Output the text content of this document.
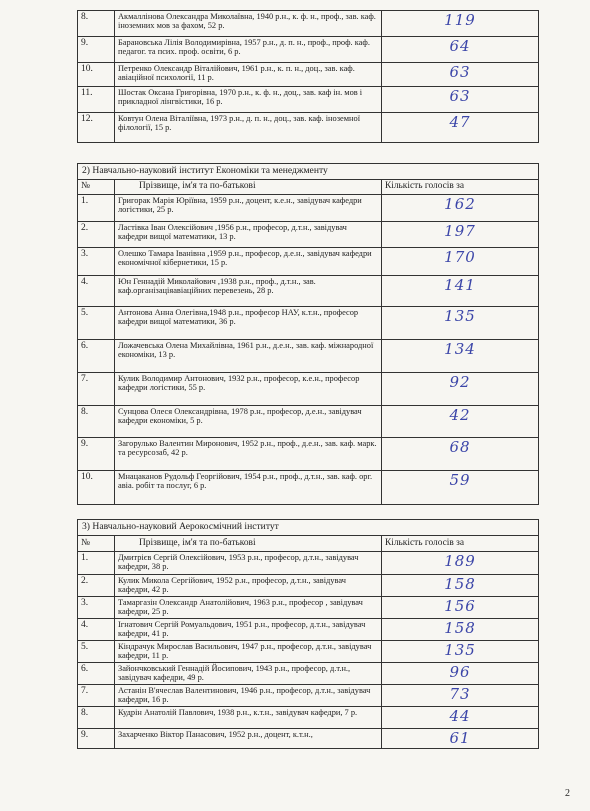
8.	Акмаллінова Олександра Миколаївна, 1940 р.н., к. ф. н., проф., зав. каф. іноземних мов за фахом, 52 р.	119
9.	Барановська Лілія Володимирівна, 1957 р.н., д. п. н., проф., проф. каф. педагог. та псих. проф. освіти, 6 р.	64
10.	Петренко Олександр Віталійович, 1961 р.н., к. п. н., доц., зав. каф. авіаційної психології, 11 р.	63
11.	Шостак Оксана Григорівна, 1970 р.н., к. ф. н., доц., зав. каф ін. мов і прикладної лінгвістики, 16 р.	63
12.	Ковтун Олена Віталіївна, 1973 р.н., д. п. н., доц., зав. каф. іноземної філології, 15 р.	47
2) Навчально-науковий інститут Економіки та менеджменту		
№	Прізвище, ім'я та по-батькові	Кількість голосів за
1.	Григорак Марія Юріївна, 1959 р.н., доцент, к.е.н., завідувач кафедри логістики, 25 р.	162
2.	Ластівка Іван Олексійович ,1956 р.н., професор, д.т.н., завідувач кафедри вищої математики, 13 р.	197
3.	Олешко Тамара Іванівна ,1959 р.н., професор, д.е.н., завідувач кафедри економічної кібернетики, 15 р.	170
4.	Юн Геннадій Миколайович ,1938 р.н., проф., д.т.н., зав. каф.організаціяавіаційних перевезень, 28 р.	141
5.	Антонова Анна Олегівна,1948 р.н., професор НАУ, к.т.н., професор кафедри вищої математики, 36 р.	135
6.	Ложачевська Олена Михайлівна, 1961 р.н., д.е.н., зав. каф. міжнародної економіки, 13 р.	134
7.	Кулик Володимир Антонович, 1932 р.н., професор, к.е.н., професор кафедри логістики, 55 р.	92
8.	Сунцова Олеся Олександрівна, 1978 р.н., професор, д.е.н., завідувач кафедри економіки, 5 р.	42
9.	Загорулько Валентин Миронович, 1952 р.н., проф., д.е.н., зав. каф. марк. та ресурсозаб, 42 р.	68
10.	Мнацаканов Рудольф Георгійович, 1954 р.н., проф., д.т.н., зав. каф. орг. авіа. робіт та послуг, 6 р.	59
3) Навчально-науковий Аерокосмічний інститут		
№	Прізвище, ім'я та по-батькові	Кількість голосів за
1.	Дмитрієв Сергій Олексійович, 1953 р.н., професор, д.т.н., завідувач кафедри, 38 р.	189
2.	Кулик Микола Сергійович, 1952 р.н., професор, д.т.н., завідувач кафедри, 42 р.	158
3.	Тамаргазін Олександр Анатолійович, 1963 р.н., професор , завідувач кафедри, 25 р.	156
4.	Ігнатович Сергій Ромуальдович, 1951 р.н., професор, д.т.н., завідувач кафедри, 41 р.	158
5.	Кіндрачук Мирослав Васильович, 1947 р.н., професор, д.т.н., завідувач кафедри, 11 р.	135
6.	Зайончковський Геннадій Йосипович, 1943 р.н., професор, д.т.н., завідувач кафедри, 49 р.	96
7.	Астанін В'ячеслав Валентинович, 1946 р.н., професор, д.т.н., завідувач кафедри, 16 р.	73
8.	Кудрін Анатолій Павлович, 1938 р.н., к.т.н., завідувач кафедри, 7 р.	44
9.	Захарченко Віктор Панасович, 1952 р.н., доцент, к.т.н.,	61
2
